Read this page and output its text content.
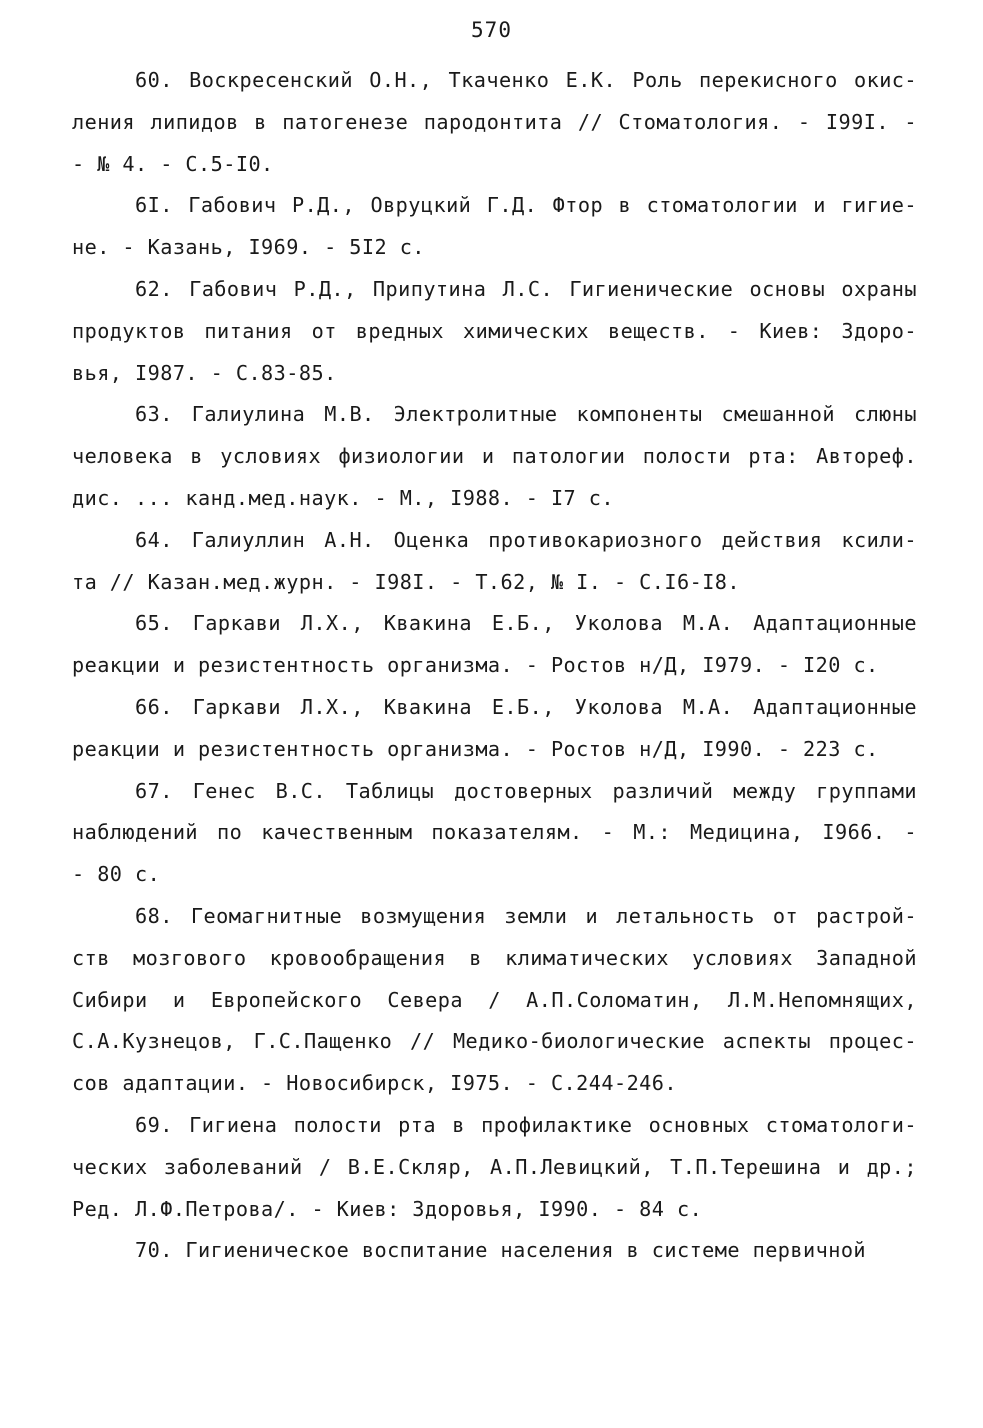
570
60. Воскресенский О.Н., Ткаченко Е.К. Роль перекисного окис-
ления липидов в патогенезе пародонтита // Стоматология. - I99I. -
- № 4. - С.5-I0.
6I. Габович Р.Д., Овруцкий Г.Д. Фтор в стоматологии и гигие-
не. - Казань, I969. - 5I2 с.
62. Габович Р.Д., Припутина Л.С. Гигиенические основы охраны
продуктов питания от вредных химических веществ. - Киев: Здоро-
вья, I987. - С.83-85.
63. Галиулина М.В. Электролитные компоненты смешанной слюны
человека в условиях физиологии и патологии полости рта: Автореф.
дис. ... канд.мед.наук. - М., I988. - I7 с.
64. Галиуллин А.Н. Оценка противокариозного действия ксили-
та // Казан.мед.журн. - I98I. - Т.62, № I. - С.I6-I8.
65. Гаркави Л.Х., Квакина Е.Б., Уколова М.А. Адаптационные
реакции и резистентность организма. - Ростов н/Д, I979. - I20 с.
66. Гаркави Л.Х., Квакина Е.Б., Уколова М.А. Адаптационные
реакции и резистентность организма. - Ростов н/Д, I990. - 223 с.
67. Генес В.С. Таблицы достоверных различий между группами
наблюдений по качественным показателям. - М.: Медицина, I966. -
- 80 с.
68. Геомагнитные возмущения земли и летальность от растрой-
ств мозгового кровообращения в климатических условиях Западной
Сибири и Европейского Севера / А.П.Соломатин, Л.М.Непомнящих,
С.А.Кузнецов, Г.С.Пащенко // Медико-биологические аспекты процес-
сов адаптации. - Новосибирск, I975. - С.244-246.
69. Гигиена полости рта в профилактике основных стоматологи-
ческих заболеваний / В.Е.Скляр, А.П.Левицкий, Т.П.Терешина и др.;
Ред. Л.Ф.Петрова/. - Киев: Здоровья, I990. - 84 с.
70. Гигиеническое воспитание населения в системе первичной
